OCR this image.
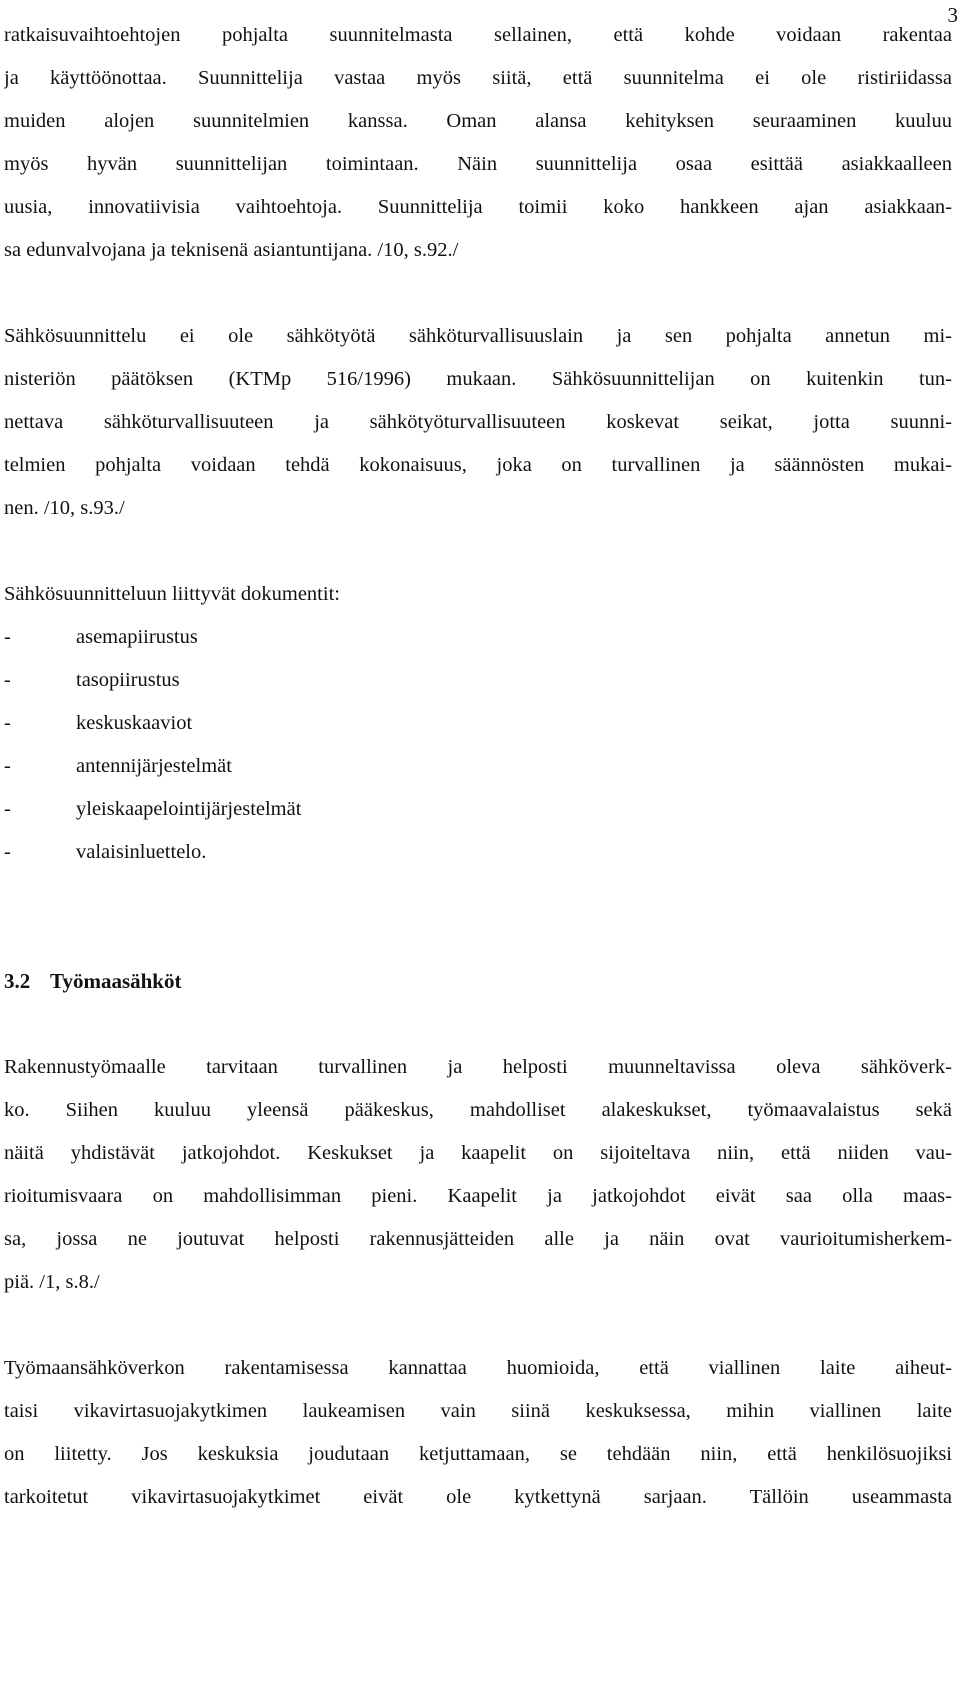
3
ratkaisuvaihtoehtojen pohjalta suunnitelmasta sellainen, että kohde voidaan rakentaa
ja käyttöönottaa. Suunnittelija vastaa myös siitä, että suunnitelma ei ole ristiriidassa
muiden alojen suunnitelmien kanssa. Oman alansa kehityksen seuraaminen kuuluu
myös hyvän suunnittelijan toimintaan. Näin suunnittelija osaa esittää asiakkaalleen
uusia, innovatiivisia vaihtoehtoja. Suunnittelija toimii koko hankkeen ajan asiakkaan-
sa edunvalvojana ja teknisenä asiantuntijana. /10, s.92./
Sähkösuunnittelu ei ole sähkötyötä sähköturvallisuuslain ja sen pohjalta annetun mi-
nisteriön päätöksen (KTMp 516/1996) mukaan. Sähkösuunnittelijan on kuitenkin tun-
nettava sähköturvallisuuteen ja sähkötyöturvallisuuteen koskevat seikat, jotta suunni-
telmien pohjalta voidaan tehdä kokonaisuus, joka on turvallinen ja säännösten mukai-
nen. /10, s.93./
Sähkösuunnitteluun liittyvät dokumentit:
-	asemapiirustus
-	tasopiirustus
-	keskuskaaviot
-	antennijärjestelmät
-	yleiskaapelointijärjestelmät
-	valaisinluettelo.
3.2 Työmaasähköt
Rakennustyömaalle tarvitaan turvallinen ja helposti muunneltavissa oleva sähköverk-
ko. Siihen kuuluu yleensä pääkeskus, mahdolliset alakeskukset, työmaavalaistus sekä
näitä yhdistävät jatkojohdot. Keskukset ja kaapelit on sijoiteltava niin, että niiden vau-
rioitumisvaara on mahdollisimman pieni. Kaapelit ja jatkojohdot eivät saa olla maas-
sa, jossa ne joutuvat helposti rakennusjätteiden alle ja näin ovat vaurioitumisherkem-
piä. /1, s.8./
Työmaansähköverkon rakentamisessa kannattaa huomioida, että viallinen laite aiheut-
taisi vikavirtasuojakytkimen laukeamisen vain siinä keskuksessa, mihin viallinen laite
on liitetty. Jos keskuksia joudutaan ketjuttamaan, se tehdään niin, että henkilösuojiksi
tarkoitetut vikavirtasuojakytkimet eivät ole kytkettynä sarjaan. Tällöin useammasta
